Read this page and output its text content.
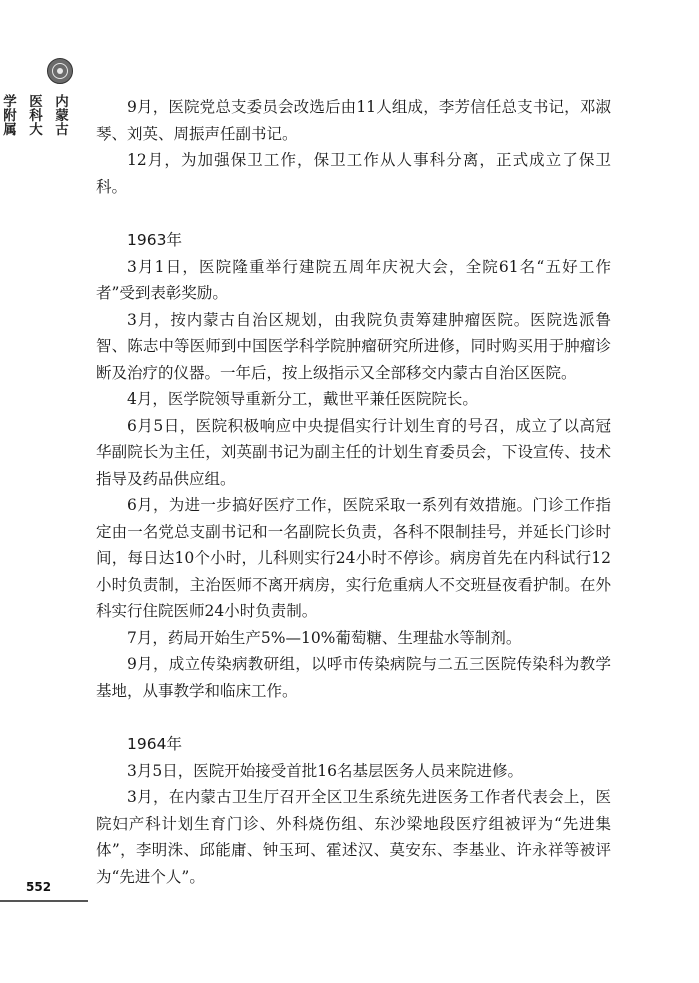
内蒙古医科大学附属
552

9月，医院党总支委员会改选后由11人组成，李芳信任总支书记，邓淑琴、刘英、周振声任副书记。

12月，为加强保卫工作，保卫工作从人事科分离，正式成立了保卫科。

1963年

3月1日，医院隆重举行建院五周年庆祝大会，全院61名“五好工作者”受到表彰奖励。

3月，按内蒙古自治区规划，由我院负责筹建肿瘤医院。医院选派鲁智、陈志中等医师到中国医学科学院肿瘤研究所进修，同时购买用于肿瘤诊断及治疗的仪器。一年后，按上级指示又全部移交内蒙古自治区医院。

4月，医学院领导重新分工，戴世平兼任医院院长。

6月5日，医院积极响应中央提倡实行计划生育的号召，成立了以高冠华副院长为主任，刘英副书记为副主任的计划生育委员会，下设宣传、技术指导及药品供应组。

6月，为进一步搞好医疗工作，医院采取一系列有效措施。门诊工作指定由一名党总支副书记和一名副院长负责，各科不限制挂号，并延长门诊时间，每日达10个小时，儿科则实行24小时不停诊。病房首先在内科试行12小时负责制，主治医师不离开病房，实行危重病人不交班昼夜看护制。在外科实行住院医师24小时负责制。

7月，药局开始生产5%—10%葡萄糖、生理盐水等制剂。

9月，成立传染病教研组，以呼市传染病院与二五三医院传染科为教学基地，从事教学和临床工作。

1964年

3月5日，医院开始接受首批16名基层医务人员来院进修。

3月，在内蒙古卫生厅召开全区卫生系统先进医务工作者代表会上，医院妇产科计划生育门诊、外科烧伤组、东沙梁地段医疗组被评为“先进集体”，李明洙、邱能庸、钟玉珂、霍述汉、莫安东、李基业、许永祥等被评为“先进个人”。
